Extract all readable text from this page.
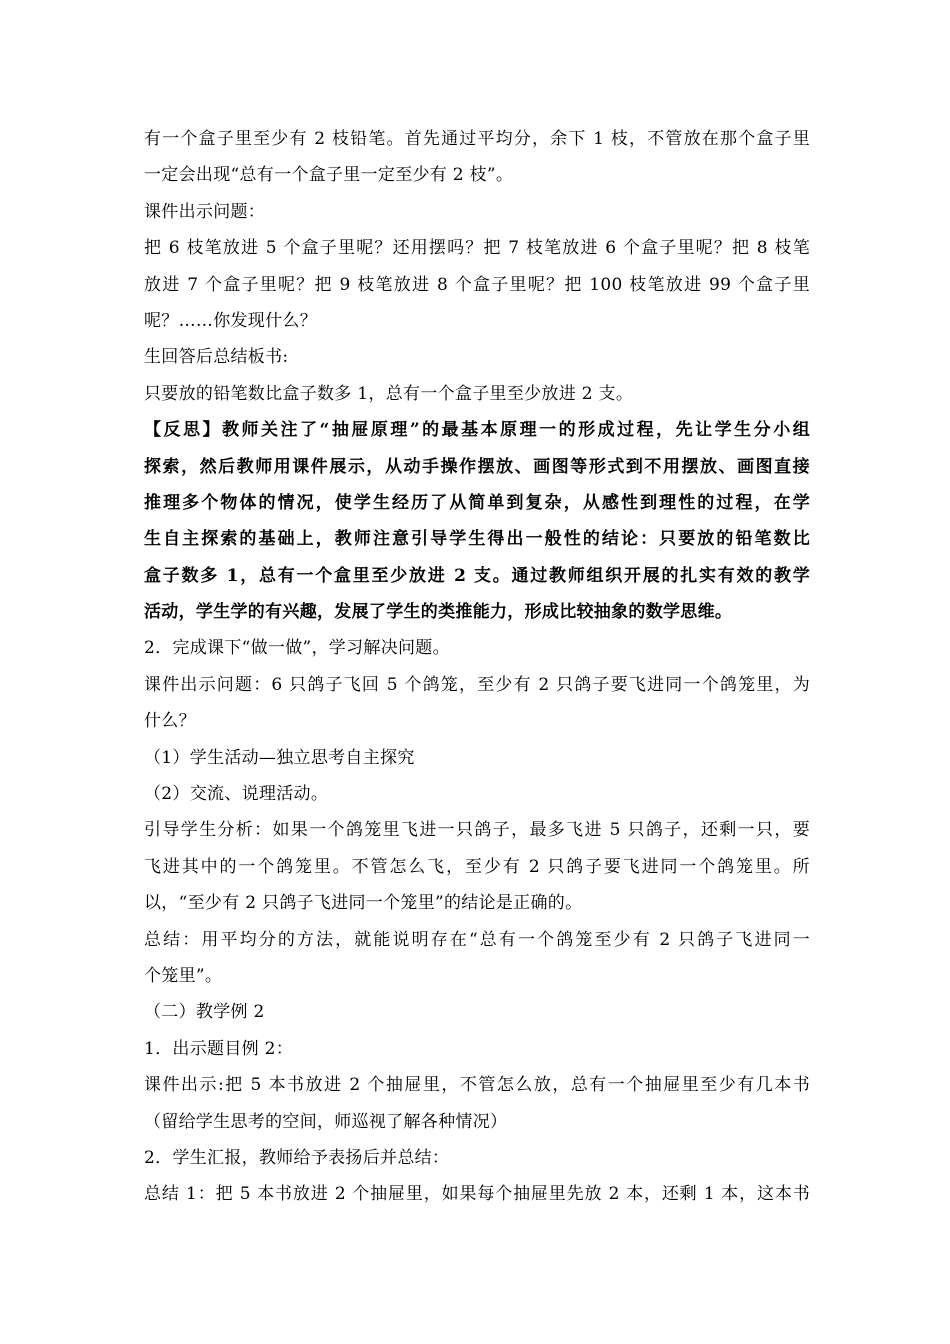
有一个盒子里至少有 2 枝铅笔。首先通过平均分，余下 1 枝，不管放在那个盒子里
一定会出现“总有一个盒子里一定至少有 2 枝”。
课件出示问题：
把 6 枝笔放进 5 个盒子里呢？还用摆吗？把 7 枝笔放进 6 个盒子里呢？把 8 枝笔
放进 7 个盒子里呢？把 9 枝笔放进 8 个盒子里呢？把 100 枝笔放进 99 个盒子里
呢？……你发现什么？
生回答后总结板书:
只要放的铅笔数比盒子数多 1，总有一个盒子里至少放进 2 支。
【反思】教师关注了“抽屉原理”的最基本原理一的形成过程，先让学生分小组
探索，然后教师用课件展示，从动手操作摆放、画图等形式到不用摆放、画图直接
推理多个物体的情况，使学生经历了从简单到复杂，从感性到理性的过程，在学
生自主探索的基础上，教师注意引导学生得出一般性的结论：只要放的铅笔数比
盒子数多 1，总有一个盒里至少放进 2 支。通过教师组织开展的扎实有效的教学
活动，学生学的有兴趣，发展了学生的类推能力，形成比较抽象的数学思维。
2．完成课下“做一做”，学习解决问题。
课件出示问题：6 只鸽子飞回 5 个鸽笼，至少有 2 只鸽子要飞进同一个鸽笼里，为
什么？
（1）学生活动—独立思考自主探究
（2）交流、说理活动。
引导学生分析：如果一个鸽笼里飞进一只鸽子，最多飞进 5 只鸽子，还剩一只，要
飞进其中的一个鸽笼里。不管怎么飞，至少有 2 只鸽子要飞进同一个鸽笼里。所
以，“至少有 2 只鸽子飞进同一个笼里”的结论是正确的。
总结：用平均分的方法，就能说明存在“总有一个鸽笼至少有 2 只鸽子飞进同一
个笼里”。
（二）教学例 2
1．出示题目例 2：
课件出示:把 5 本书放进 2 个抽屉里，不管怎么放，总有一个抽屉里至少有几本书
（留给学生思考的空间，师巡视了解各种情况）
2．学生汇报，教师给予表扬后并总结：
总结 1：把 5 本书放进 2 个抽屉里，如果每个抽屉里先放 2 本，还剩 1 本，这本书
